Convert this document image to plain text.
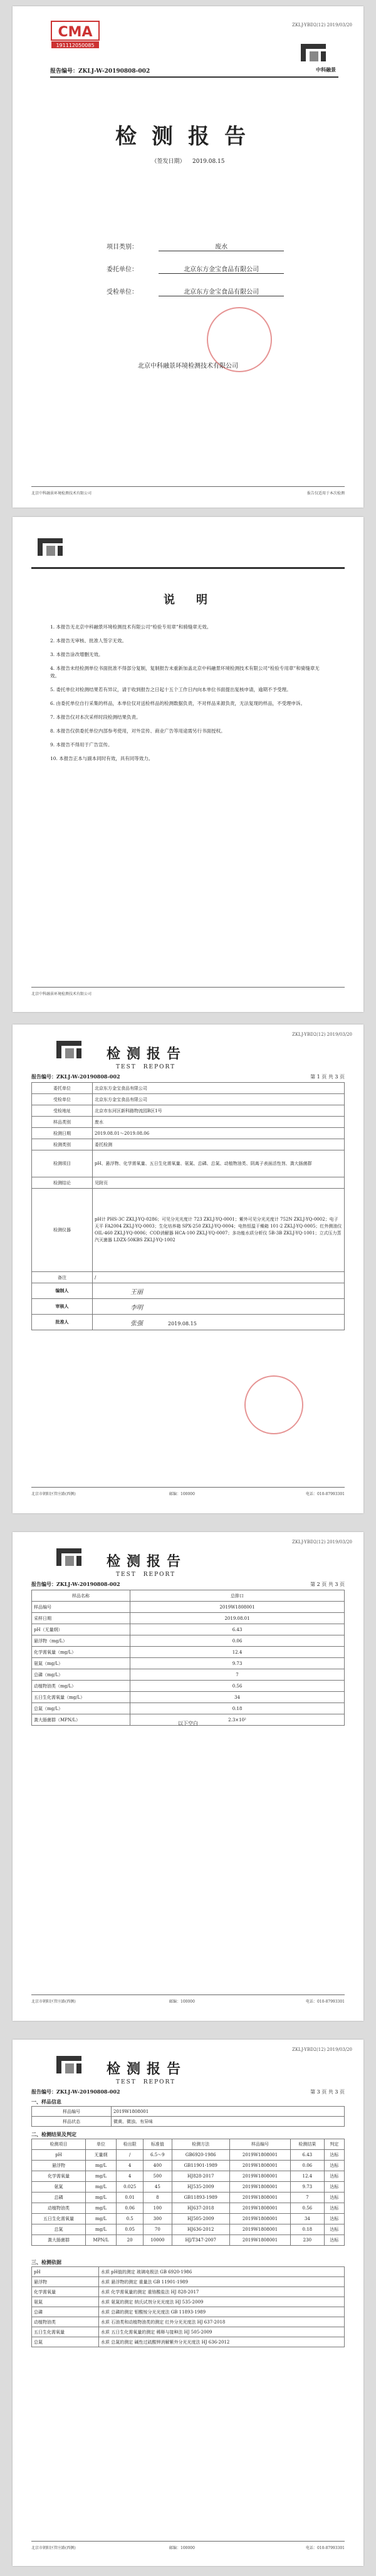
ZKLJ-YBD2(12) 2019/03/20
CMA
191112050085
报告编号：ZKLJ-W-20190808-002	中科融景
检测报告
（签发日期） 2019.08.15
项目类别：	废水
委托单位：	北京东方金宝食品有限公司
受检单位：	北京东方金宝食品有限公司
北京中科融景环境检测技术有限公司
北京中科融景环境检测技术有限公司	报告仅适用于本次检测
说　明

1. 本报告无北京中科融景环境检测技术有限公司“检验专用章”和骑缝章无效。

2. 本报告无审核、批准人签字无效。

3. 本报告涂改增删无效。

4. 本报告未经检测单位书面批准不得部分复制，复制报告未重新加盖北京中科融景环境检测技术有限公司“检验专用章”和骑缝章无效。

5. 委托单位对检测结果若有异议，请于收到报告之日起十五个工作日内向本单位书面提出复核申请，逾期不予受理。

6. 由委托单位自行采集的样品，本单位仅对送检样品的检测数据负责，不对样品来源负责，无法复现的样品，不受理申诉。

7. 本报告仅对本次采样时段检测结果负责。

8. 本报告仅供委托单位内部参考使用，对外宣传、商业广告等用途需另行书面授权。

9. 本报告不得用于广告宣传。

10. 本报告正本与副本同时有效，具有同等效力。

北京中科融景环境检测技术有限公司
ZKLJ-YBD2(12) 2019/03/20
检测报告
TEST　REPORT
报告编号：ZKLJ-W-20190808-002	第 1 页 共 3 页
委托单位	北京东方金宝食品有限公司
受检单位	北京东方金宝食品有限公司
受检地址	北京市东河区新科路物流园B区1号
样品类别	废水
检测日期	2019.08.01～2019.08.06
检测类别	委托检测
检测项目	pH、悬浮物、化学需氧量、五日生化需氧量、氨氮、总磷、总氮、动植物油类、阴离子表面活性剂、粪大肠菌群
检测结论	见附页
检测仪器	pH计 PHS-3C ZKLJ-YQ-0286；可见分光光度计 723 ZKLJ-YQ-0001；紫外可见分光光度计 752N ZKLJ-YQ-0002；电子天平 FA2004 ZKLJ-YQ-0003；生化培养箱 SPX-250 ZKLJ-YQ-0004；电热恒温干燥箱 101-2 ZKLJ-YQ-0005；红外测油仪 OIL-460 ZKLJ-YQ-0006；COD消解器 HCA-100 ZKLJ-YQ-0007；多功能水质分析仪 5B-3B ZKLJ-YQ-1001；立式压力蒸汽灭菌器 LDZX-50KBS ZKLJ-YQ-1002
备注	/
编制人	王丽
审核人	李明
批准人	张强 2019.08.15
北京市朝阳区管庄路(西侧)	邮编：100000	电话：010-87993301
ZKLJ-YBD2(12) 2019/03/20
检测报告
TEST　REPORT
报告编号：ZKLJ-W-20190808-002	第 2 页 共 3 页
样品名称	总排口
样品编号	2019W1808001
采样日期	2019.08.01
pH（无量纲）	6.43
悬浮物（mg/L）	0.06
化学需氧量（mg/L）	12.4
氨氮（mg/L）	9.73
总磷（mg/L）	7
动植物油类（mg/L）	0.56
五日生化需氧量（mg/L）	34
总氮（mg/L）	0.18
粪大肠菌群（MPN/L）	2.3×10²
以下空白
北京市朝阳区管庄路(西侧)	邮编：100000	电话：010-87993301
ZKLJ-YBD2(12) 2019/03/20
检测报告
TEST　REPORT
报告编号：ZKLJ-W-20190808-002	第 3 页 共 3 页
一、样品信息
样品编号	2019W1808001
样品状态	微黄、微浊、有异味
二、检测结果及判定
检测项目	单位	检出限	标准值	检测方法	样品编号	检测结果	判定
pH	无量纲	/	6.5～9	GB6920-1986	2019W1808001	6.43	达标
悬浮物	mg/L	4	400	GB11901-1989	2019W1808001	0.06	达标
化学需氧量	mg/L	4	500	HJ828-2017	2019W1808001	12.4	达标
氨氮	mg/L	0.025	45	HJ535-2009	2019W1808001	9.73	达标
总磷	mg/L	0.01	8	GB11893-1989	2019W1808001	7	达标
动植物油类	mg/L	0.06	100	HJ637-2018	2019W1808001	0.56	达标
五日生化需氧量	mg/L	0.5	300	HJ505-2009	2019W1808001	34	达标
总氮	mg/L	0.05	70	HJ636-2012	2019W1808001	0.18	达标
粪大肠菌群	MPN/L	20	10000	HJ/T347-2007	2019W1808001	230	达标
三、检测依据
pH	水质 pH值的测定 玻璃电极法 GB 6920-1986
悬浮物	水质 悬浮物的测定 重量法 GB 11901-1989
化学需氧量	水质 化学需氧量的测定 重铬酸盐法 HJ 828-2017
氨氮	水质 氨氮的测定 纳氏试剂分光光度法 HJ 535-2009
总磷	水质 总磷的测定 钼酸铵分光光度法 GB 11893-1989
动植物油类	水质 石油类和动植物油类的测定 红外分光光度法 HJ 637-2018
五日生化需氧量	水质 五日生化需氧量的测定 稀释与接种法 HJ 505-2009
总氮	水质 总氮的测定 碱性过硫酸钾消解紫外分光光度法 HJ 636-2012
北京市朝阳区管庄路(西侧)	邮编：100000	电话：010-87993301
